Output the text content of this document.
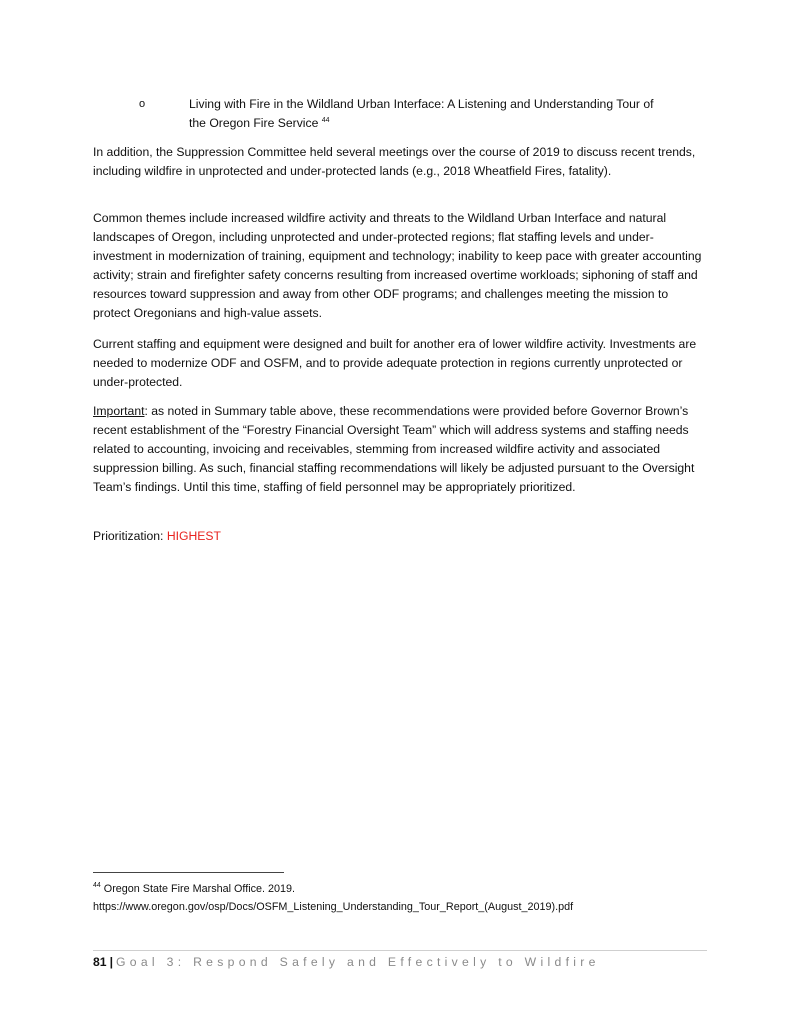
o	Living with Fire in the Wildland Urban Interface: A Listening and Understanding Tour of
the Oregon Fire Service $^{44}$
In addition, the Suppression Committee held several meetings over the course of 2019 to discuss recent trends, including wildfire in unprotected and under-protected lands (e.g., 2018 Wheatfield Fires, fatality).
Common themes include increased wildfire activity and threats to the Wildland Urban Interface and natural landscapes of Oregon, including unprotected and under-protected regions; flat staffing levels and under-investment in modernization of training, equipment and technology; inability to keep pace with greater accounting activity; strain and firefighter safety concerns resulting from increased overtime workloads; siphoning of staff and resources toward suppression and away from other ODF programs; and challenges meeting the mission to protect Oregonians and high-value assets.
Current staffing and equipment were designed and built for another era of lower wildfire activity. Investments are needed to modernize ODF and OSFM, and to provide adequate protection in regions currently unprotected or under-protected.
Important: as noted in Summary table above, these recommendations were provided before Governor Brown’s recent establishment of the “Forestry Financial Oversight Team” which will address systems and staffing needs related to accounting, invoicing and receivables, stemming from increased wildfire activity and associated suppression billing. As such, financial staffing recommendations will likely be adjusted pursuant to the Oversight Team’s findings. Until this time, staffing of field personnel may be appropriately prioritized.
Prioritization: HIGHEST
$^{44}$ Oregon State Fire Marshal Office. 2019.
https://www.oregon.gov/osp/Docs/OSFM_Listening_Understanding_Tour_Report_(August_2019).pdf
81 | Goal 3: Respond Safely and Effectively to Wildfire
